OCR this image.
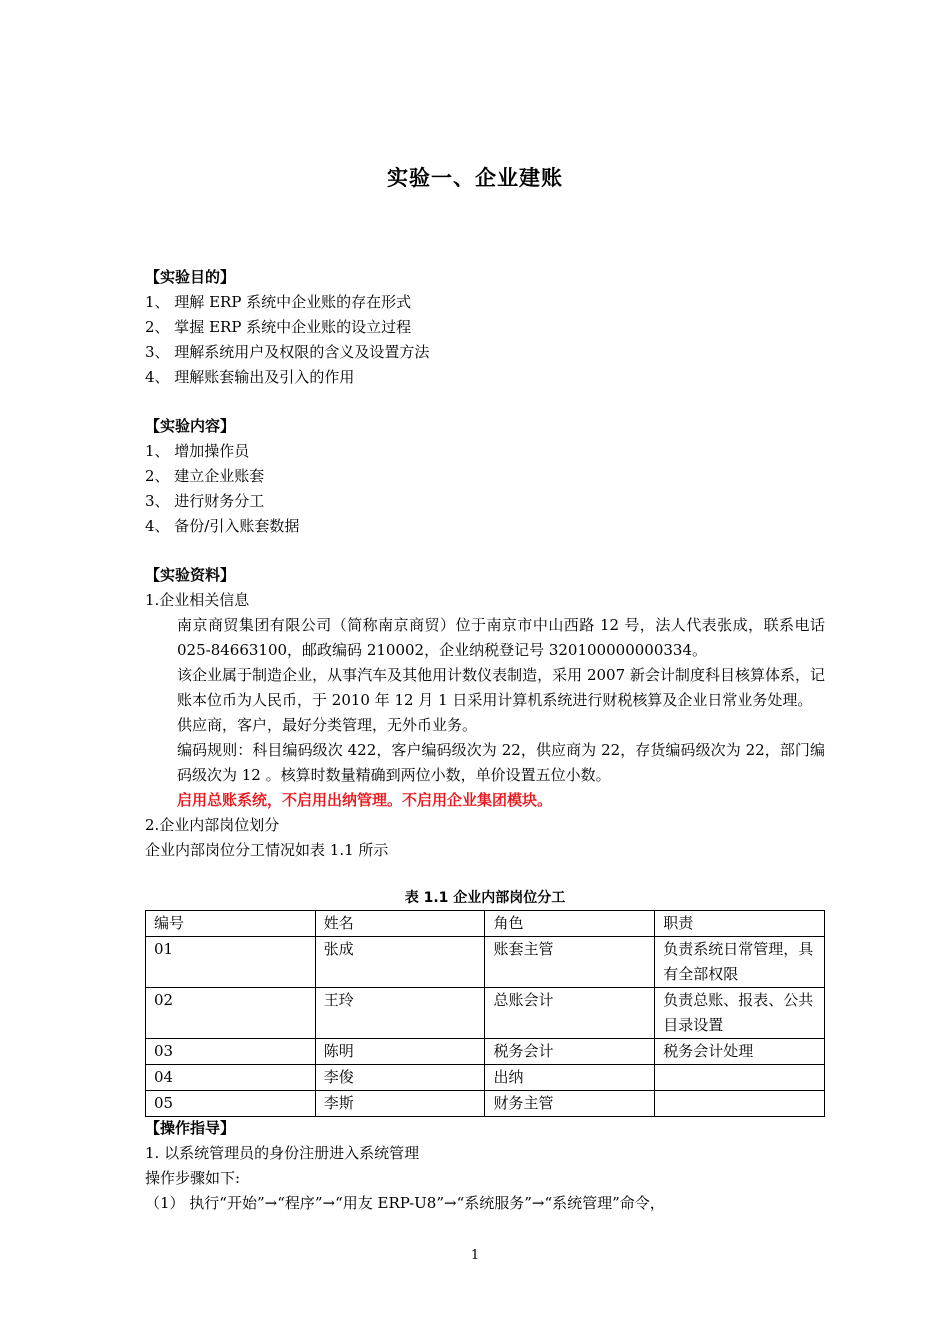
实验一、企业建账

【实验目的】

1、 理解 ERP 系统中企业账的存在形式

2、 掌握 ERP 系统中企业账的设立过程

3、 理解系统用户及权限的含义及设置方法

4、 理解账套输出及引入的作用

【实验内容】

1、 增加操作员

2、 建立企业账套

3、 进行财务分工

4、 备份/引入账套数据

【实验资料】

1.企业相关信息

南京商贸集团有限公司（简称南京商贸）位于南京市中山西路 12 号，法人代表张成，联系电话 025-84663100，邮政编码 210002，企业纳税登记号 320100000000334。

该企业属于制造企业，从事汽车及其他用计数仪表制造，采用 2007 新会计制度科目核算体系，记账本位币为人民币，于 2010 年 12 月 1 日采用计算机系统进行财税核算及企业日常业务处理。

供应商，客户，最好分类管理，无外币业务。

编码规则：科目编码级次 422，客户编码级次为 22，供应商为 22，存货编码级次为 22，部门编码级次为 12 。核算时数量精确到两位小数，单价设置五位小数。

启用总账系统，不启用出纳管理。不启用企业集团模块。

2.企业内部岗位划分

企业内部岗位分工情况如表 1.1 所示

表 1.1 企业内部岗位分工
编号	姓名	角色	职责
01	张成	账套主管	负责系统日常管理，具有全部权限
02	王玲	总账会计	负责总账、报表、公共目录设置
03	陈明	税务会计	税务会计处理
04	李俊	出纳	
05	李斯	财务主管	

【操作指导】

1. 以系统管理员的身份注册进入系统管理

操作步骤如下:

（1） 执行“开始”→“程序”→“用友 ERP-U8”→“系统服务”→“系统管理”命令，

1
